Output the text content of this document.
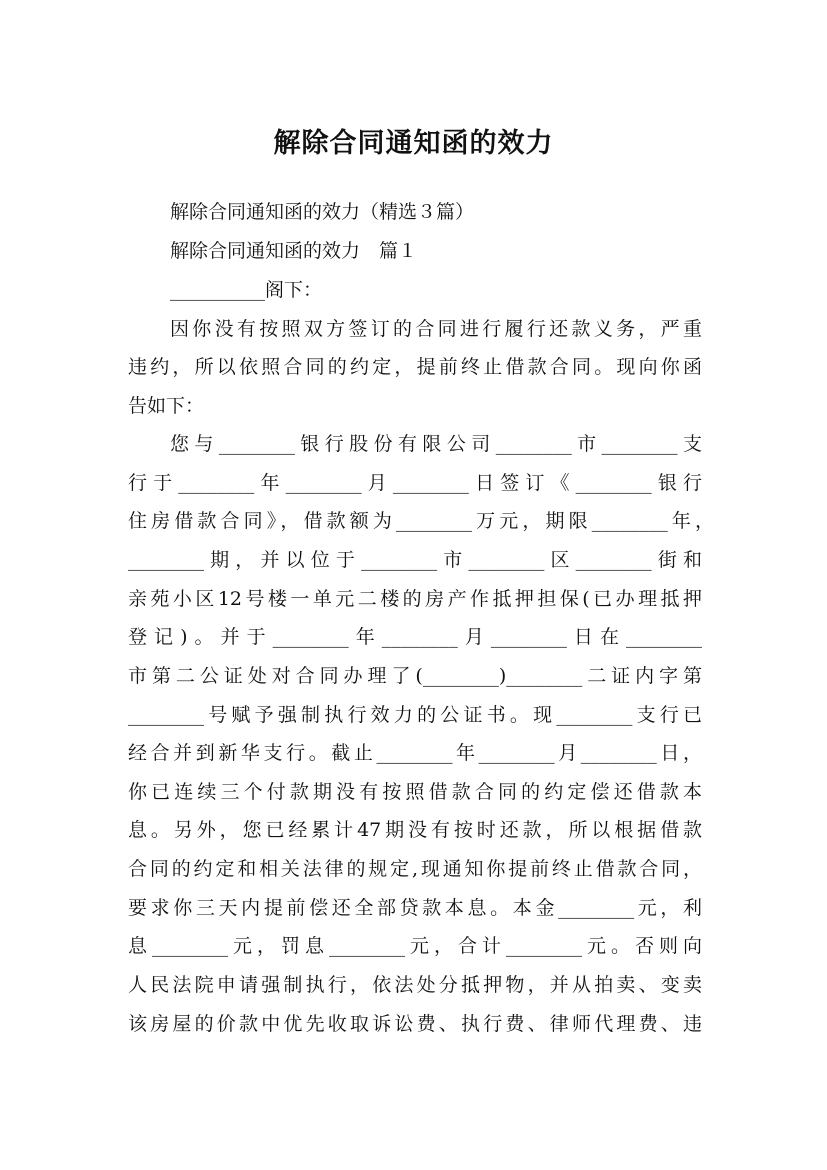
解除合同通知函的效力
解除合同通知函的效力（精选３篇）
解除合同通知函的效力　篇１
__________阁下：
因你没有按照双方签订的合同进行履行还款义务，严重
违约，所以依照合同的约定，提前终止借款合同。现向你函
告如下：
您与________银行股份有限公司________市________支
行于________年________月________日签订《________银行
住房借款合同》，借款额为________万元，期限________年，
________期，并以位于________市________区________街和
亲苑小区12号楼一单元二楼的房产作抵押担保(已办理抵押
登记)。并于________年________月________日在________
市第二公证处对合同办理了(________)________二证内字第
________号赋予强制执行效力的公证书。现________支行已
经合并到新华支行。截止________年________月________日，
你已连续三个付款期没有按照借款合同的约定偿还借款本
息。另外，您已经累计47期没有按时还款，所以根据借款
合同的约定和相关法律的规定,现通知你提前终止借款合同，
要求你三天内提前偿还全部贷款本息。本金________元，利
息________元，罚息________元，合计________元。否则向
人民法院申请强制执行，依法处分抵押物，并从拍卖、变卖
该房屋的价款中优先收取诉讼费、执行费、律师代理费、违
